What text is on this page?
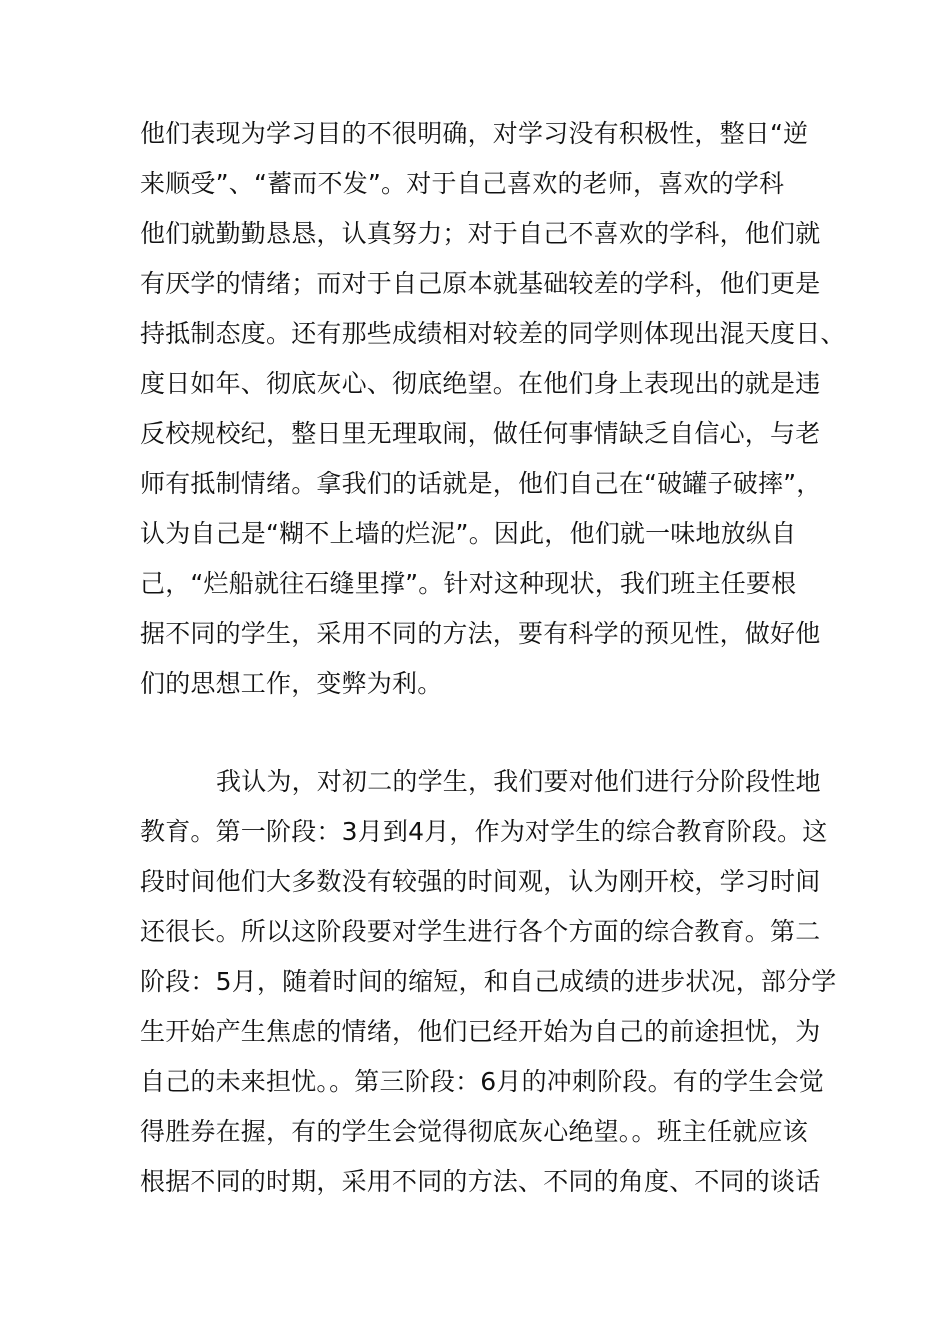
他们表现为学习目的不很明确，对学习没有积极性，整日“逆
来顺受”、“蓄而不发”。对于自己喜欢的老师，喜欢的学科
他们就勤勤恳恳，认真努力；对于自己不喜欢的学科，他们就
有厌学的情绪；而对于自己原本就基础较差的学科，他们更是
持抵制态度。还有那些成绩相对较差的同学则体现出混天度日、
度日如年、彻底灰心、彻底绝望。在他们身上表现出的就是违
反校规校纪，整日里无理取闹，做任何事情缺乏自信心，与老
师有抵制情绪。拿我们的话就是，他们自己在“破罐子破摔”，
认为自己是“糊不上墙的烂泥”。因此，他们就一味地放纵自
己，“烂船就往石缝里撑”。针对这种现状，我们班主任要根
据不同的学生，采用不同的方法，要有科学的预见性，做好他
们的思想工作，变弊为利。
我认为，对初二的学生，我们要对他们进行分阶段性地
教育。第一阶段：3月到4月，作为对学生的综合教育阶段。这
段时间他们大多数没有较强的时间观，认为刚开校，学习时间
还很长。所以这阶段要对学生进行各个方面的综合教育。第二
阶段：5月，随着时间的缩短，和自己成绩的进步状况，部分学
生开始产生焦虑的情绪，他们已经开始为自己的前途担忧，为
自己的未来担忧。。第三阶段：6月的冲刺阶段。有的学生会觉
得胜券在握，有的学生会觉得彻底灰心绝望。。班主任就应该
根据不同的时期，采用不同的方法、不同的角度、不同的谈话
